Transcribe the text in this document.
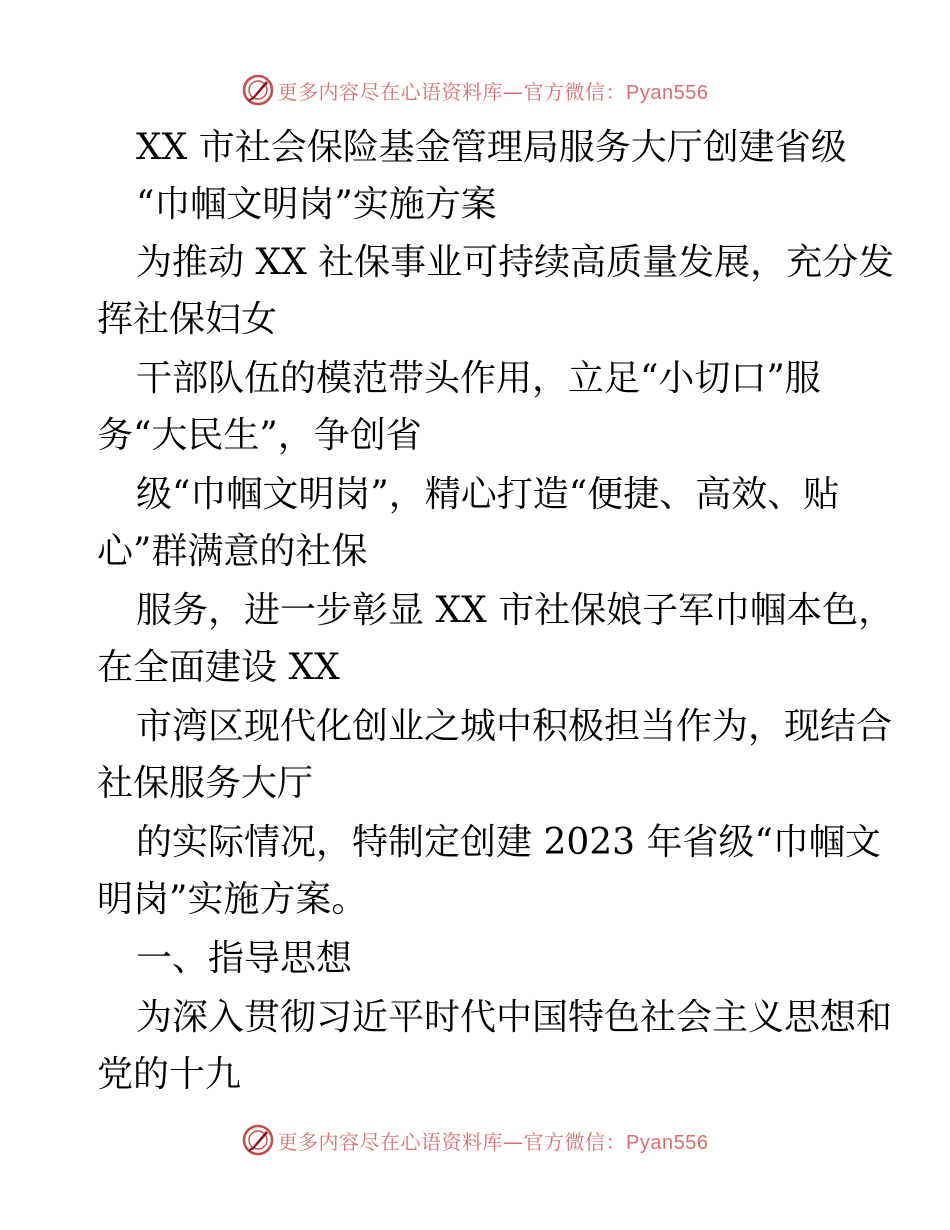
更多内容尽在心语资料库—官方微信：Pyan556

XX 市社会保险基金管理局服务大厅创建省级

“巾帼文明岗”实施方案

为推动 XX 社保事业可持续高质量发展，充分发

挥社保妇女

干部队伍的模范带头作用，立足“小切口”服

务“大民生”，争创省

级“巾帼文明岗”，精心打造“便捷、高效、贴

心”群满意的社保

服务，进一步彰显 XX 市社保娘子军巾帼本色，

在全面建设 XX

市湾区现代化创业之城中积极担当作为，现结合

社保服务大厅

的实际情况，特制定创建 2023 年省级“巾帼文

明岗”实施方案。

一、指导思想

为深入贯彻习近平时代中国特色社会主义思想和

党的十九

更多内容尽在心语资料库—官方微信：Pyan556
